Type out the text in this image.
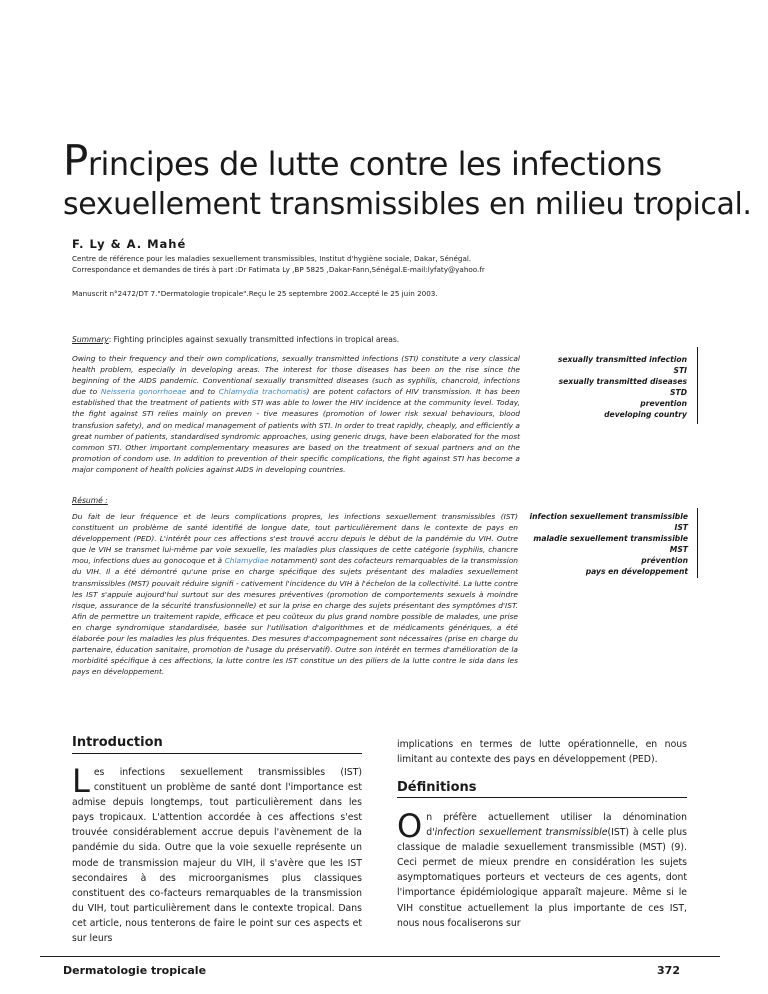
Principes de lutte contre les infections
sexuellement transmissibles en milieu tropical.
F. Ly & A. Mahé
Centre de référence pour les maladies sexuellement transmissibles, Institut d'hygiène sociale, Dakar, Sénégal.
Correspondance et demandes de tirés à part :Dr Fatimata Ly ,BP 5825 ,Dakar-Fann,Sénégal.E-mail:lyfaty@yahoo.fr
Manuscrit n°2472/DT 7."Dermatologie tropicale".Reçu le 25 septembre 2002.Accepté le 25 juin 2003.
Summary: Fighting principles against sexually transmitted infections in tropical areas.
Owing to their frequency and their own complications, sexually transmitted infections (STI) constitute a very classical health problem, especially in developing areas. The interest for those diseases has been on the rise since the beginning of the AIDS pandemic. Conventional sexually transmitted diseases (such as syphilis, chancroid, infections due to Neisseria gonorrhoeae and to Chlamydia trachomatis) are potent cofactors of HIV transmission. It has been established that the treatment of patients with STI was able to lower the HIV incidence at the community level. Today, the fight against STI relies mainly on preven - tive measures (promotion of lower risk sexual behaviours, blood transfusion safety), and on medical management of patients with STI. In order to treat rapidly, cheaply, and efficiently a great number of patients, standardised syndromic approaches, using generic drugs, have been elaborated for the most common STI. Other important complementary measures are based on the treatment of sexual partners and on the promotion of condom use. In addition to prevention of their specific complications, the fight against STI has become a major component of health policies against AIDS in developing countries.
sexually transmitted infection
STI
sexually transmitted diseases
STD
prevention
developing country
Résumé :
Du fait de leur fréquence et de leurs complications propres, les infections sexuellement transmissibles (IST) constituent un problème de santé identifié de longue date, tout particulièrement dans le contexte de pays en développement (PED). L'intérêt pour ces affections s'est trouvé accru depuis le début de la pandémie du VIH. Outre que le VIH se transmet lui-même par voie sexuelle, les maladies plus classiques de cette catégorie (syphilis, chancre mou, infections dues au gonocoque et à Chlamydiae notamment) sont des cofacteurs remarquables de la transmission du VIH. Il a été démontré qu'une prise en charge spécifique des sujets présentant des maladies sexuellement transmissibles (MST) pouvait réduire signifi - cativement l'incidence du VIH à l'échelon de la collectivité. La lutte contre les IST s'appuie aujourd'hui surtout sur des mesures préventives (promotion de comportements sexuels à moindre risque, assurance de la sécurité transfusionnelle) et sur la prise en charge des sujets présentant des symptômes d'IST. Afin de permettre un traitement rapide, efficace et peu coûteux du plus grand nombre possible de malades, une prise en charge syndromique standardisée, basée sur l'utilisation d'algorithmes et de médicaments génériques, a été élaborée pour les maladies les plus fréquentes. Des mesures d'accompagnement sont nécessaires (prise en charge du partenaire, éducation sanitaire, promotion de l'usage du préservatif). Outre son intérêt en termes d'amélioration de la morbidité spécifique à ces affections, la lutte contre les IST constitue un des piliers de la lutte contre le sida dans les pays en développement.
infection sexuellement transmissible
IST
maladie sexuellement transmissible
MST
prévention
pays en développement
Introduction
Les infections sexuellement transmissibles (IST) constituent un problème de santé dont l'importance est admise depuis longtemps, tout particulièrement dans les pays tropicaux. L'attention accordée à ces affections s'est trouvée considérablement accrue depuis l'avènement de la pandémie du sida. Outre que la voie sexuelle représente un mode de transmission majeur du VIH, il s'avère que les IST secondaires à des microorganismes plus classiques constituent des co-facteurs remarquables de la transmission du VIH, tout particulièrement dans le contexte tropical. Dans cet article, nous tenterons de faire le point sur ces aspects et sur leurs
implications en termes de lutte opérationnelle, en nous limitant au contexte des pays en développement (PED).
Définitions
On préfère actuellement utiliser la dénomination d'infection sexuellement transmissible(IST) à celle plus classique de maladie sexuellement transmissible (MST) (9). Ceci permet de mieux prendre en considération les sujets asymptomatiques porteurs et vecteurs de ces agents, dont l'importance épidémiologique apparaît majeure. Même si le VIH constitue actuellement la plus importante de ces IST, nous nous focaliserons sur
Dermatologie tropicale	372
